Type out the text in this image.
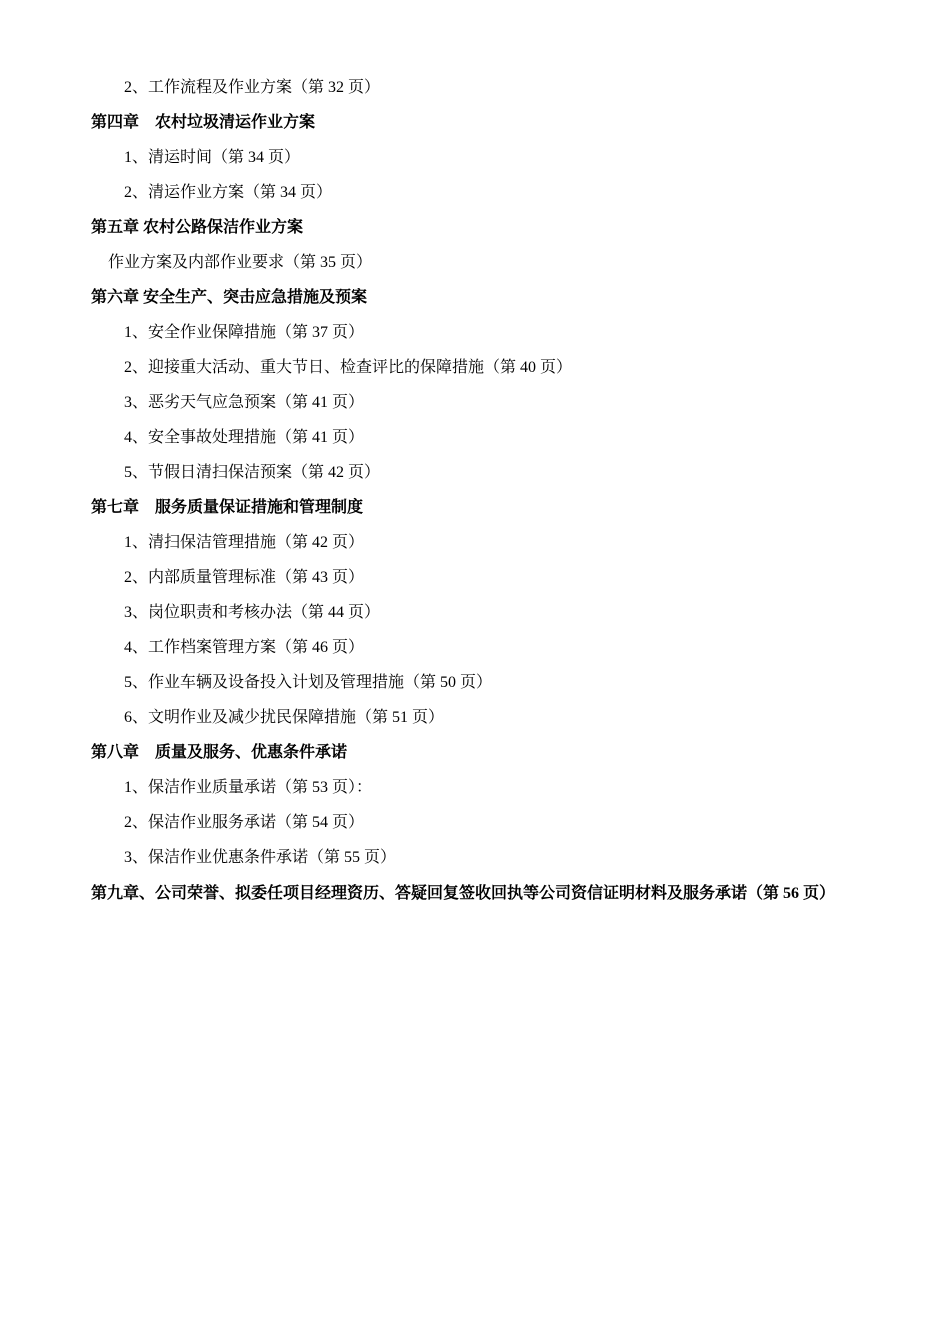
2、工作流程及作业方案（第 32 页）
第四章　农村垃圾清运作业方案
1、清运时间（第 34 页）
2、清运作业方案（第 34 页）
第五章 农村公路保洁作业方案
作业方案及内部作业要求（第 35 页）
第六章 安全生产、突击应急措施及预案
1、安全作业保障措施（第 37 页）
2、迎接重大活动、重大节日、检查评比的保障措施（第 40 页）
3、恶劣天气应急预案（第 41 页）
4、安全事故处理措施（第 41 页）
5、节假日清扫保洁预案（第 42 页）
第七章　服务质量保证措施和管理制度
1、清扫保洁管理措施（第 42 页）
2、内部质量管理标准（第 43 页）
3、岗位职责和考核办法（第 44 页）
4、工作档案管理方案（第 46 页）
5、作业车辆及设备投入计划及管理措施（第 50 页）
6、文明作业及减少扰民保障措施（第 51 页）
第八章　质量及服务、优惠条件承诺
1、保洁作业质量承诺（第 53 页）：
2、保洁作业服务承诺（第 54 页）
3、保洁作业优惠条件承诺（第 55 页）
第九章、公司荣誉、拟委任项目经理资历、答疑回复签收回执等公司资信证明材料及服务承诺（第 56 页）
